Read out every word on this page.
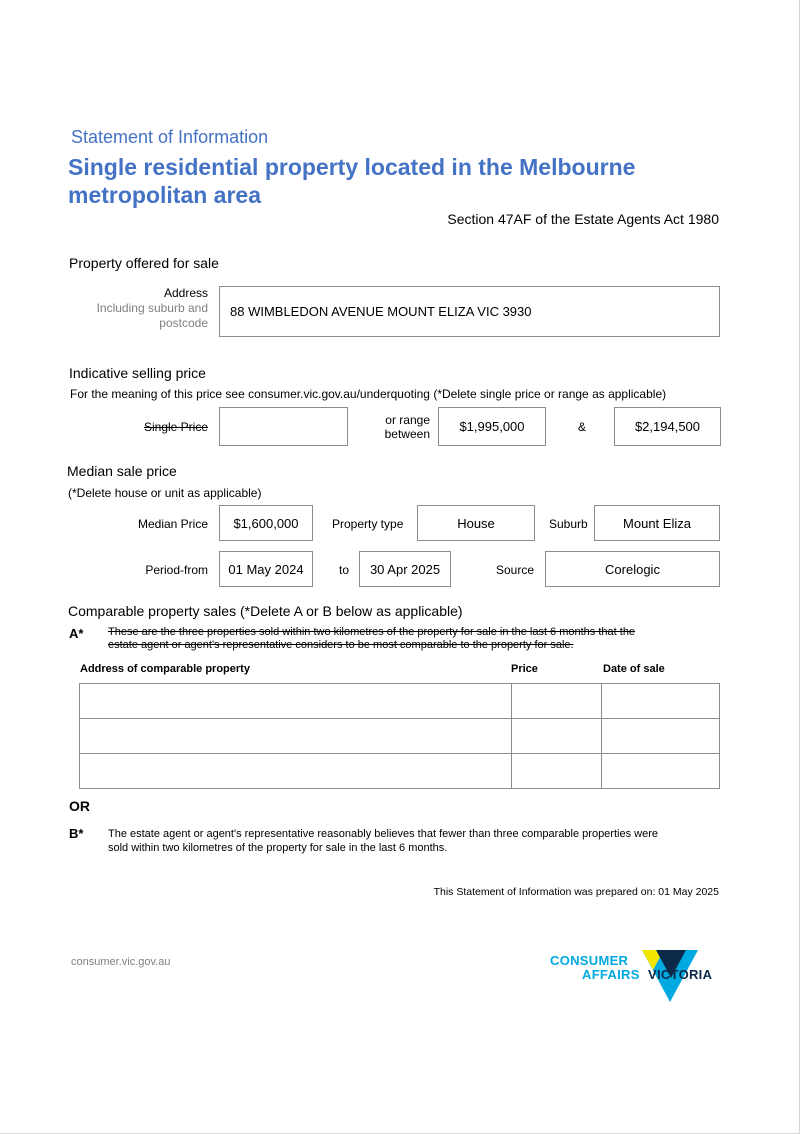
Statement of Information
Single residential property located in the Melbourne
metropolitan area
Section 47AF of the Estate Agents Act 1980
Property offered for sale
Address
Including suburb and
postcode
88 WIMBLEDON AVENUE MOUNT ELIZA VIC 3930
Indicative selling price
For the meaning of this price see consumer.vic.gov.au/underquoting (*Delete single price or range as applicable)
Single Price	or range
between	$1,995,000	&	$2,194,500
Median sale price
(*Delete house or unit as applicable)
Median Price	$1,600,000	Property type	House	Suburb	Mount Eliza
Period-from	01 May 2024	to	30 Apr 2025	Source	Corelogic
Comparable property sales (*Delete A or B below as applicable)
A* These are the three properties sold within two kilometres of the property for sale in the last 6 months that the
estate agent or agent's representative considers to be most comparable to the property for sale.
Address of comparable property	Price	Date of sale

OR
B* The estate agent or agent's representative reasonably believes that fewer than three comparable properties were
sold within two kilometres of the property for sale in the last 6 months.
This Statement of Information was prepared on: 01 May 2025
consumer.vic.gov.au	CONSUMER
AFFAIRS VICTORIA
